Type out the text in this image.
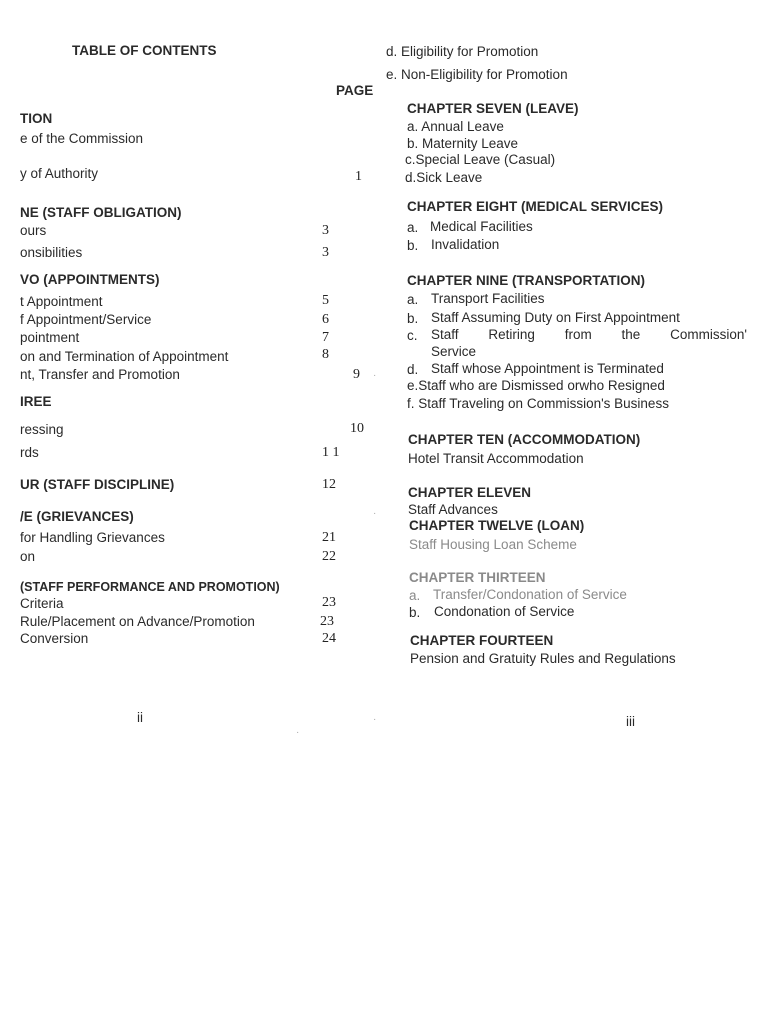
TABLE OF CONTENTS
PAGE
TION
e of the Commission
y of Authority	1
NE (STAFF OBLIGATION)
ours	3
onsibilities	3
VO (APPOINTMENTS)
t Appointment	5
f Appointment/Service	6
pointment	7
on and Termination of Appointment	8
nt, Transfer and Promotion	9
IREE
ressing	10
rds	1 1
UR (STAFF DISCIPLINE)	12
/E (GRIEVANCES)
for Handling Grievances	21
on	22
(STAFF PERFORMANCE AND PROMOTION)
Criteria	23
Rule/Placement on Advance/Promotion	23
Conversion	24
ii
d. Eligibility for Promotion
e. Non-Eligibility for Promotion
CHAPTER SEVEN (LEAVE)
a. Annual Leave
b. Maternity Leave
c.Special Leave (Casual)
d.Sick Leave
CHAPTER EIGHT (MEDICAL SERVICES)
a. Medical Facilities
b. Invalidation
CHAPTER NINE (TRANSPORTATION)
a. Transport Facilities
b. Staff Assuming Duty on First Appointment
c. Staff Retiring from the Commission'
Service
d. Staff whose Appointment is Terminated
e.Staff who are Dismissed orwho Resigned
f. Staff Traveling on Commission's Business
CHAPTER TEN (ACCOMMODATION)
Hotel Transit Accommodation
CHAPTER ELEVEN
Staff Advances
CHAPTER TWELVE (LOAN)
Staff Housing Loan Scheme
CHAPTER THIRTEEN
a. Transfer/Condonation of Service
b. Condonation of Service
CHAPTER FOURTEEN
Pension and Gratuity Rules and Regulations
iii
·
·
·
·
